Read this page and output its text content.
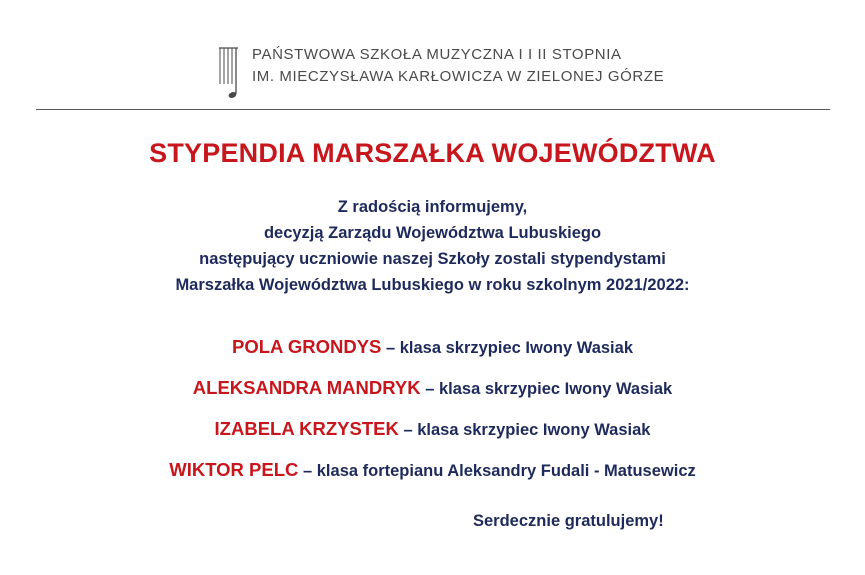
PAŃSTWOWA SZKOŁA MUZYCZNA I I II STOPNIA
IM. MIECZYSŁAWA KARŁOWICZA W ZIELONEJ GÓRZE
STYPENDIA MARSZAŁKA WOJEWÓDZTWA
Z radością informujemy,
decyzją Zarządu Województwa Lubuskiego
następujący uczniowie naszej Szkoły zostali stypendystami
Marszałka Województwa Lubuskiego w roku szkolnym 2021/2022:
POLA GRONDYS – klasa skrzypiec Iwony Wasiak
ALEKSANDRA MANDRYK – klasa skrzypiec Iwony Wasiak
IZABELA KRZYSTEK – klasa skrzypiec Iwony Wasiak
WIKTOR PELC – klasa fortepianu Aleksandry Fudali - Matusewicz
Serdecznie gratulujemy!
